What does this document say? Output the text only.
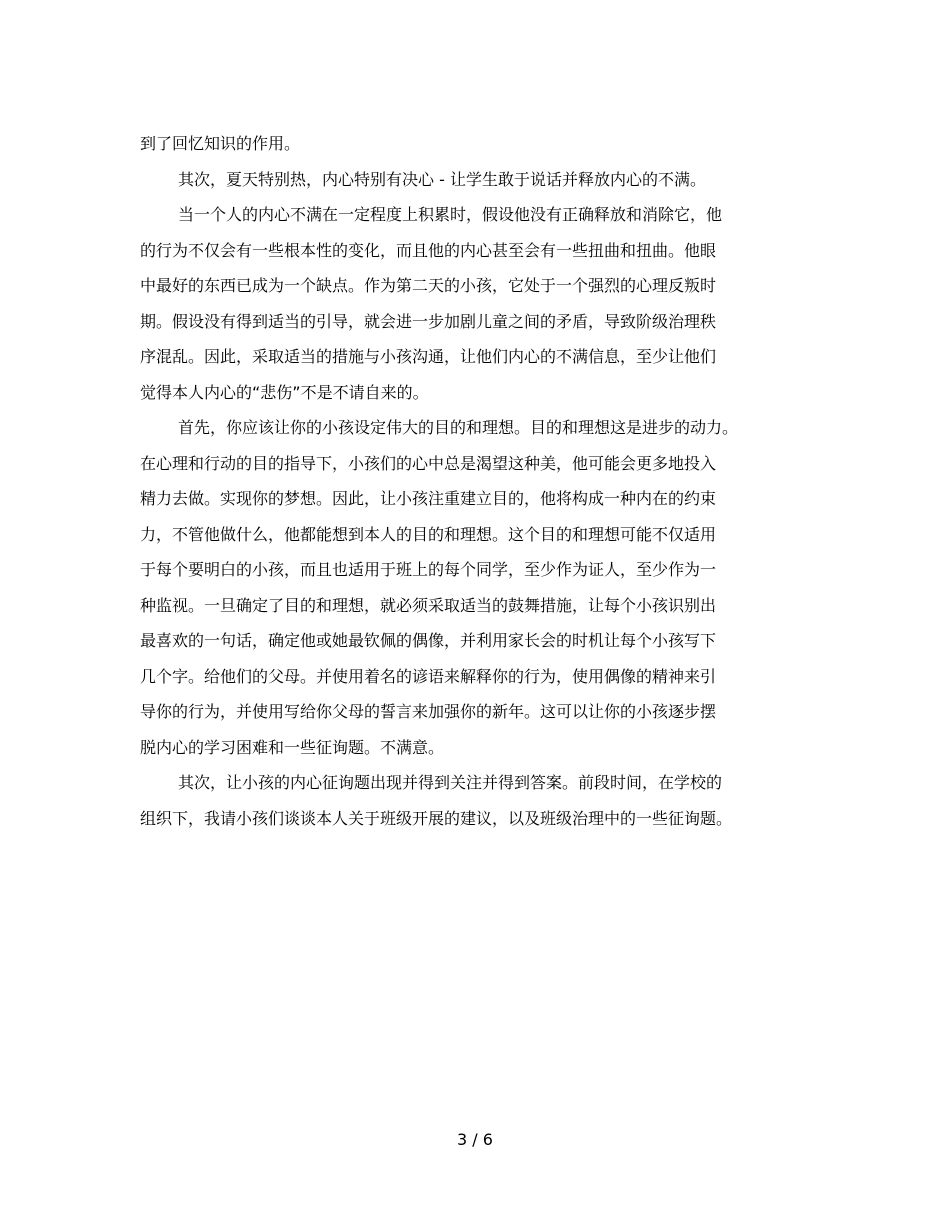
到了回忆知识的作用。
其次，夏天特别热，内心特别有决心 - 让学生敢于说话并释放内心的不满。
当一个人的内心不满在一定程度上积累时，假设他没有正确释放和消除它，他
的行为不仅会有一些根本性的变化，而且他的内心甚至会有一些扭曲和扭曲。他眼
中最好的东西已成为一个缺点。作为第二天的小孩，它处于一个强烈的心理反叛时
期。假设没有得到适当的引导，就会进一步加剧儿童之间的矛盾，导致阶级治理秩
序混乱。因此，采取适当的措施与小孩沟通，让他们内心的不满信息，至少让他们
觉得本人内心的“悲伤”不是不请自来的。
首先，你应该让你的小孩设定伟大的目的和理想。目的和理想这是进步的动力。
在心理和行动的目的指导下，小孩们的心中总是渴望这种美，他可能会更多地投入
精力去做。实现你的梦想。因此，让小孩注重建立目的，他将构成一种内在的约束
力，不管他做什么，他都能想到本人的目的和理想。这个目的和理想可能不仅适用
于每个要明白的小孩，而且也适用于班上的每个同学，至少作为证人，至少作为一
种监视。一旦确定了目的和理想，就必须采取适当的鼓舞措施，让每个小孩识别出
最喜欢的一句话，确定他或她最钦佩的偶像，并利用家长会的时机让每个小孩写下
几个字。给他们的父母。并使用着名的谚语来解释你的行为，使用偶像的精神来引
导你的行为，并使用写给你父母的誓言来加强你的新年。这可以让你的小孩逐步摆
脱内心的学习困难和一些征询题。不满意。
其次，让小孩的内心征询题出现并得到关注并得到答案。前段时间，在学校的
组织下，我请小孩们谈谈本人关于班级开展的建议，以及班级治理中的一些征询题。
3 / 6
